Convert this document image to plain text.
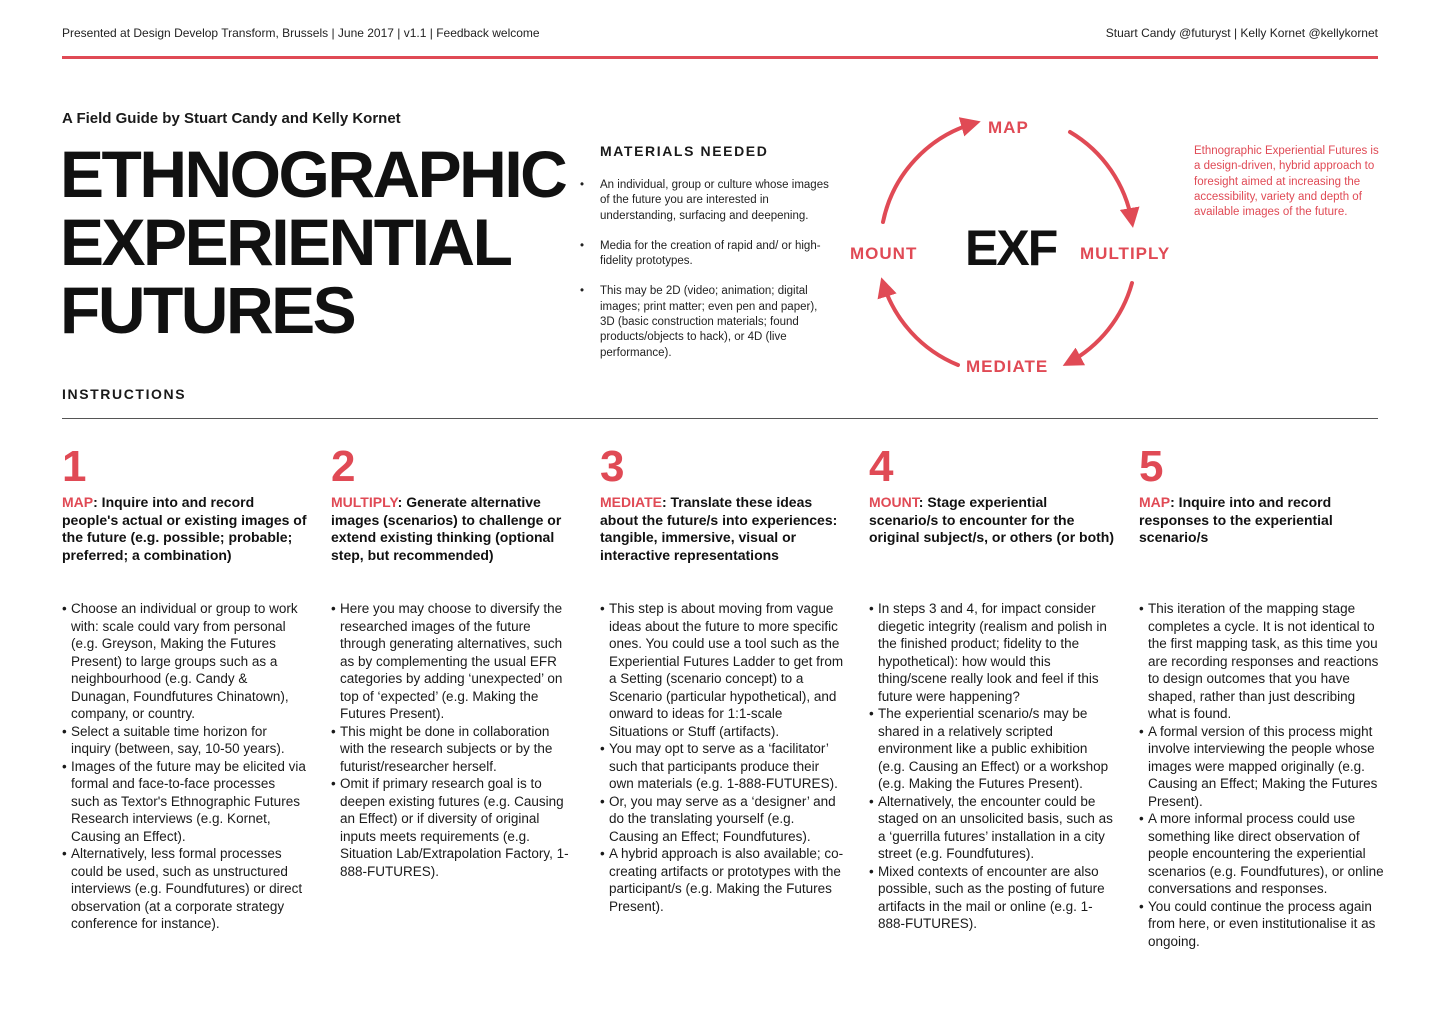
Presented at Design Develop Transform, Brussels | June 2017 | v1.1 | Feedback welcome	Stuart Candy @futuryst | Kelly Kornet @kellykornet
A Field Guide by Stuart Candy and Kelly Kornet
ETHNOGRAPHIC
EXPERIENTIAL
FUTURES
MATERIALS NEEDED
• An individual, group or culture whose images of the future you are interested in understanding, surfacing and deepening.
• Media for the creation of rapid and/ or high-fidelity prototypes.
• This may be 2D (video; animation; digital images; print matter; even pen and paper), 3D (basic construction materials; found products/objects to hack), or 4D (live performance).
MAP
MULTIPLY
MEDIATE
MOUNT EXF
Ethnographic Experiential Futures is a design-driven, hybrid approach to foresight aimed at increasing the accessibility, variety and depth of available images of the future.
INSTRUCTIONS
1
MAP: Inquire into and record people's actual or existing images of the future (e.g. possible; probable; preferred; a combination)
• Choose an individual or group to work with: scale could vary from personal (e.g. Greyson, Making the Futures Present) to large groups such as a neighbourhood (e.g. Candy & Dunagan, Foundfutures Chinatown), company, or country.
• Select a suitable time horizon for inquiry (between, say, 10-50 years).
• Images of the future may be elicited via formal and face-to-face processes such as Textor's Ethnographic Futures Research interviews (e.g. Kornet, Causing an Effect).
• Alternatively, less formal processes could be used, such as unstructured interviews (e.g. Foundfutures) or direct observation (at a corporate strategy conference for instance).
2
MULTIPLY: Generate alternative images (scenarios) to challenge or extend existing thinking (optional step, but recommended)
• Here you may choose to diversify the researched images of the future through generating alternatives, such as by complementing the usual EFR categories by adding ‘unexpected’ on top of ‘expected’ (e.g. Making the Futures Present).
• This might be done in collaboration with the research subjects or by the futurist/researcher herself.
• Omit if primary research goal is to deepen existing futures (e.g. Causing an Effect) or if diversity of original inputs meets requirements (e.g. Situation Lab/Extrapolation Factory, 1-888-FUTURES).
3
MEDIATE: Translate these ideas about the future/s into experiences: tangible, immersive, visual or interactive representations
• This step is about moving from vague ideas about the future to more specific ones. You could use a tool such as the Experiential Futures Ladder to get from a Setting (scenario concept) to a Scenario (particular hypothetical), and onward to ideas for 1:1-scale Situations or Stuff (artifacts).
• You may opt to serve as a ‘facilitator’ such that participants produce their own materials (e.g. 1-888-FUTURES).
• Or, you may serve as a ‘designer’ and do the translating yourself (e.g. Causing an Effect; Foundfutures).
• A hybrid approach is also available; co-creating artifacts or prototypes with the participant/s (e.g. Making the Futures Present).
4
MOUNT: Stage experiential scenario/s to encounter for the original subject/s, or others (or both)
• In steps 3 and 4, for impact consider diegetic integrity (realism and polish in the finished product; fidelity to the hypothetical): how would this thing/scene really look and feel if this future were happening?
• The experiential scenario/s may be shared in a relatively scripted environment like a public exhibition (e.g. Causing an Effect) or a workshop (e.g. Making the Futures Present).
• Alternatively, the encounter could be staged on an unsolicited basis, such as a ‘guerrilla futures’ installation in a city street (e.g. Foundfutures).
• Mixed contexts of encounter are also possible, such as the posting of future artifacts in the mail or online (e.g. 1-888-FUTURES).
5
MAP: Inquire into and record responses to the experiential scenario/s
• This iteration of the mapping stage completes a cycle. It is not identical to the first mapping task, as this time you are recording responses and reactions to design outcomes that you have shaped, rather than just describing what is found.
• A formal version of this process might involve interviewing the people whose images were mapped originally (e.g. Causing an Effect; Making the Futures Present).
• A more informal process could use something like direct observation of people encountering the experiential scenarios (e.g. Foundfutures), or online conversations and responses.
• You could continue the process again from here, or even institutionalise it as ongoing.
